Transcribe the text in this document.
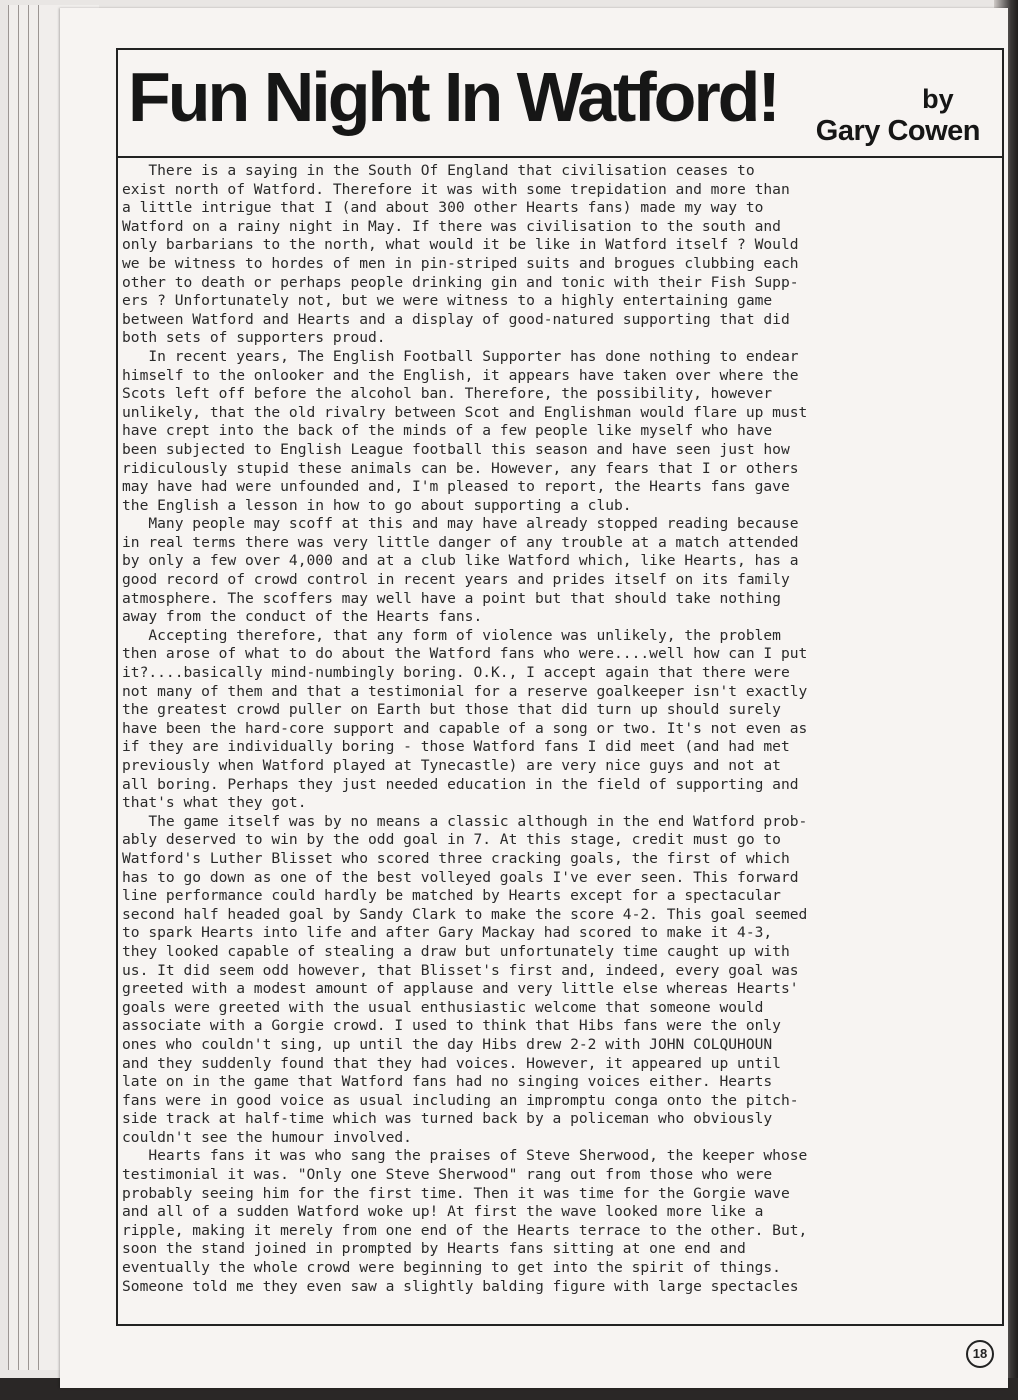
Fun Night In Watford!	by
Gary Cowen
There is a saying in the South Of England that civilisation ceases to
exist north of Watford. Therefore it was with some trepidation and more than
a little intrigue that I (and about 300 other Hearts fans) made my way to
Watford on a rainy night in May. If there was civilisation to the south and
only barbarians to the north, what would it be like in Watford itself ? Would
we be witness to hordes of men in pin-striped suits and brogues clubbing each
other to death or perhaps people drinking gin and tonic with their Fish Supp-
ers ? Unfortunately not, but we were witness to a highly entertaining game
between Watford and Hearts and a display of good-natured supporting that did
both sets of supporters proud.
In recent years, The English Football Supporter has done nothing to endear
himself to the onlooker and the English, it appears have taken over where the
Scots left off before the alcohol ban. Therefore, the possibility, however
unlikely, that the old rivalry between Scot and Englishman would flare up must
have crept into the back of the minds of a few people like myself who have
been subjected to English League football this season and have seen just how
ridiculously stupid these animals can be. However, any fears that I or others
may have had were unfounded and, I'm pleased to report, the Hearts fans gave
the English a lesson in how to go about supporting a club.
Many people may scoff at this and may have already stopped reading because
in real terms there was very little danger of any trouble at a match attended
by only a few over 4,000 and at a club like Watford which, like Hearts, has a
good record of crowd control in recent years and prides itself on its family
atmosphere. The scoffers may well have a point but that should take nothing
away from the conduct of the Hearts fans.
Accepting therefore, that any form of violence was unlikely, the problem
then arose of what to do about the Watford fans who were....well how can I put
it?....basically mind-numbingly boring. O.K., I accept again that there were
not many of them and that a testimonial for a reserve goalkeeper isn't exactly
the greatest crowd puller on Earth but those that did turn up should surely
have been the hard-core support and capable of a song or two. It's not even as
if they are individually boring - those Watford fans I did meet (and had met
previously when Watford played at Tynecastle) are very nice guys and not at
all boring. Perhaps they just needed education in the field of supporting and
that's what they got.
The game itself was by no means a classic although in the end Watford prob-
ably deserved to win by the odd goal in 7. At this stage, credit must go to
Watford's Luther Blisset who scored three cracking goals, the first of which
has to go down as one of the best volleyed goals I've ever seen. This forward
line performance could hardly be matched by Hearts except for a spectacular
second half headed goal by Sandy Clark to make the score 4-2. This goal seemed
to spark Hearts into life and after Gary Mackay had scored to make it 4-3,
they looked capable of stealing a draw but unfortunately time caught up with
us. It did seem odd however, that Blisset's first and, indeed, every goal was
greeted with a modest amount of applause and very little else whereas Hearts'
goals were greeted with the usual enthusiastic welcome that someone would
associate with a Gorgie crowd. I used to think that Hibs fans were the only
ones who couldn't sing, up until the day Hibs drew 2-2 with JOHN COLQUHOUN
and they suddenly found that they had voices. However, it appeared up until
late on in the game that Watford fans had no singing voices either. Hearts
fans were in good voice as usual including an impromptu conga onto the pitch-
side track at half-time which was turned back by a policeman who obviously
couldn't see the humour involved.
Hearts fans it was who sang the praises of Steve Sherwood, the keeper whose
testimonial it was. "Only one Steve Sherwood" rang out from those who were
probably seeing him for the first time. Then it was time for the Gorgie wave
and all of a sudden Watford woke up! At first the wave looked more like a
ripple, making it merely from one end of the Hearts terrace to the other. But,
soon the stand joined in prompted by Hearts fans sitting at one end and
eventually the whole crowd were beginning to get into the spirit of things.
Someone told me they even saw a slightly balding figure with large spectacles
18
